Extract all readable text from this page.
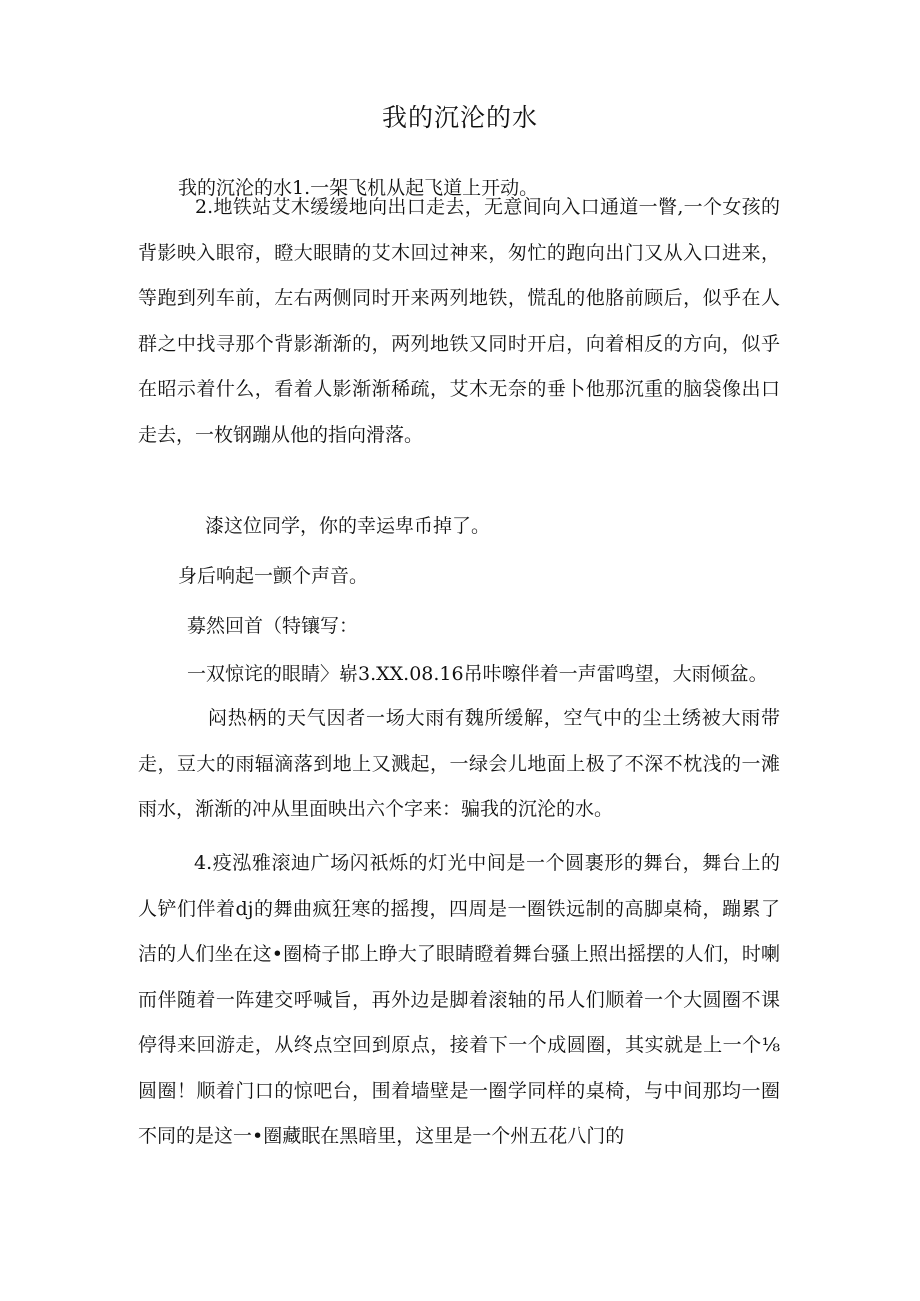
我的沉沦的水

我的沉沦的水1.一架飞机从起飞道上开动。

2.地铁站艾木缓缓地向出口走去，无意间向入口通道一瞥,一个女孩的背影映入眼帘，瞪大眼睛的艾木回过神来，匆忙的跑向出门又从入口进来，等跑到列车前，左右两侧同时开来两列地铁，慌乱的他胳前顾后，似乎在人群之中找寻那个背影渐渐的，两列地铁又同时开启，向着相反的方向，似乎在昭示着什么，看着人影渐渐稀疏，艾木无奈的垂卜他那沉重的脑袋像出口走去，一枚钢蹦从他的指向滑落。

漆这位同学，你的幸运卑币掉了。

身后响起一颤个声音。

募然回首（特镶写：

一双惊诧的眼睛〉崭3.XX.08.16吊咔嚓伴着一声雷鸣望，大雨倾盆。

闷热柄的天气因者一场大雨有魏所缓解，空气中的尘土绣被大雨带走，豆大的雨辐滴落到地上又溅起，一绿会儿地面上极了不深不枕浅的一滩雨水，渐渐的冲从里面映出六个字来：骗我的沉沦的水。

4.疫泓雅滚迪广场闪祇烁的灯光中间是一个圆裹形的舞台，舞台上的人铲们伴着dj的舞曲疯狂寒的摇搜，四周是一圈铁远制的高脚桌椅，蹦累了洁的人们坐在这•圈椅子邯上睁大了眼睛瞪着舞台骚上照出摇摆的人们，时喇而伴随着一阵建交呼喊旨，再外边是脚着滚轴的吊人们顺着一个大圆圈不课停得来回游走，从终点空回到原点，接着下一个成圆圈，其实就是上一个⅛圆圈！顺着门口的惊吧台，围着墙壁是一圈学同样的桌椅，与中间那均一圈不同的是这一•圈藏眠在黑暗里，这里是一个州五花八门的
